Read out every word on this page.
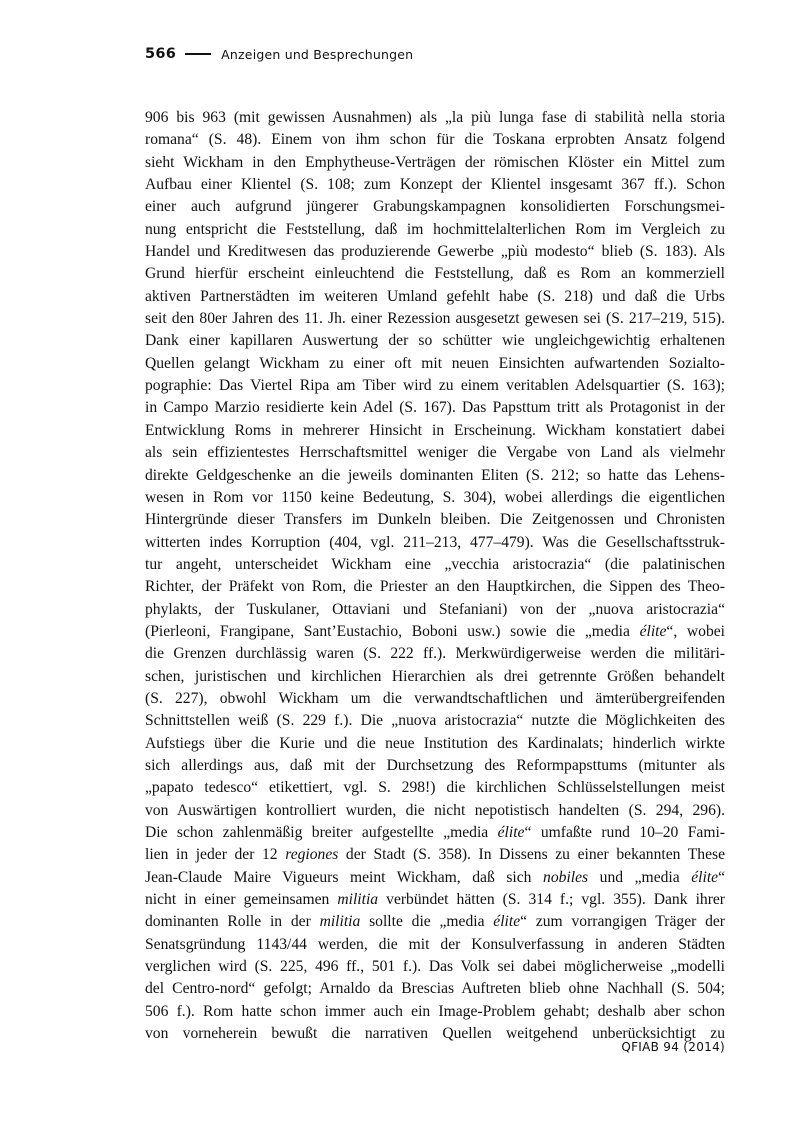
566	Anzeigen und Besprechungen
906 bis 963 (mit gewissen Ausnahmen) als „la più lunga fase di stabilità nella storia
romana“ (S. 48). Einem von ihm schon für die Toskana erprobten Ansatz folgend
sieht Wickham in den Emphytheuse-Verträgen der römischen Klöster ein Mittel zum
Aufbau einer Klientel (S. 108; zum Konzept der Klientel insgesamt 367 ff.). Schon
einer auch aufgrund jüngerer Grabungskampagnen konsolidierten Forschungsmei-
nung entspricht die Feststellung, daß im hochmittelalterlichen Rom im Vergleich zu
Handel und Kreditwesen das produzierende Gewerbe „più modesto“ blieb (S. 183). Als
Grund hierfür erscheint einleuchtend die Feststellung, daß es Rom an kommerziell
aktiven Partnerstädten im weiteren Umland gefehlt habe (S. 218) und daß die Urbs
seit den 80er Jahren des 11. Jh. einer Rezession ausgesetzt gewesen sei (S. 217–219, 515).
Dank einer kapillaren Auswertung der so schütter wie ungleichgewichtig erhaltenen
Quellen gelangt Wickham zu einer oft mit neuen Einsichten aufwartenden Sozialto-
pographie: Das Viertel Ripa am Tiber wird zu einem veritablen Adelsquartier (S. 163);
in Campo Marzio residierte kein Adel (S. 167). Das Papsttum tritt als Protagonist in der
Entwicklung Roms in mehrerer Hinsicht in Erscheinung. Wickham konstatiert dabei
als sein effizientestes Herrschaftsmittel weniger die Vergabe von Land als vielmehr
direkte Geldgeschenke an die jeweils dominanten Eliten (S. 212; so hatte das Lehens-
wesen in Rom vor 1150 keine Bedeutung, S. 304), wobei allerdings die eigentlichen
Hintergründe dieser Transfers im Dunkeln bleiben. Die Zeitgenossen und Chronisten
witterten indes Korruption (404, vgl. 211–213, 477–479). Was die Gesellschaftsstruk-
tur angeht, unterscheidet Wickham eine „vecchia aristocrazia“ (die palatinischen
Richter, der Präfekt von Rom, die Priester an den Hauptkirchen, die Sippen des Theo-
phylakts, der Tuskulaner, Ottaviani und Stefaniani) von der „nuova aristocrazia“
(Pierleoni, Frangipane, Sant’Eustachio, Boboni usw.) sowie die „media élite“, wobei
die Grenzen durchlässig waren (S. 222 ff.). Merkwürdigerweise werden die militäri-
schen, juristischen und kirchlichen Hierarchien als drei getrennte Größen behandelt
(S. 227), obwohl Wickham um die verwandtschaftlichen und ämterübergreifenden
Schnittstellen weiß (S. 229 f.). Die „nuova aristocrazia“ nutzte die Möglichkeiten des
Aufstiegs über die Kurie und die neue Institution des Kardinalats; hinderlich wirkte
sich allerdings aus, daß mit der Durchsetzung des Reformpapsttums (mitunter als
„papato tedesco“ etikettiert, vgl. S. 298!) die kirchlichen Schlüsselstellungen meist
von Auswärtigen kontrolliert wurden, die nicht nepotistisch handelten (S. 294, 296).
Die schon zahlenmäßig breiter aufgestellte „media élite“ umfaßte rund 10–20 Fami-
lien in jeder der 12 regiones der Stadt (S. 358). In Dissens zu einer bekannten These
Jean-Claude Maire Vigueurs meint Wickham, daß sich nobiles und „media élite“
nicht in einer gemeinsamen militia verbündet hätten (S. 314 f.; vgl. 355). Dank ihrer
dominanten Rolle in der militia sollte die „media élite“ zum vorrangigen Träger der
Senatsgründung 1143/44 werden, die mit der Konsulverfassung in anderen Städten
verglichen wird (S. 225, 496 ff., 501 f.). Das Volk sei dabei möglicherweise „modelli
del Centro-nord“ gefolgt; Arnaldo da Brescias Auftreten blieb ohne Nachhall (S. 504;
506 f.). Rom hatte schon immer auch ein Image-Problem gehabt; deshalb aber schon
von vorneherein bewußt die narrativen Quellen weitgehend unberücksichtigt zu
QFIAB 94 (2014)
